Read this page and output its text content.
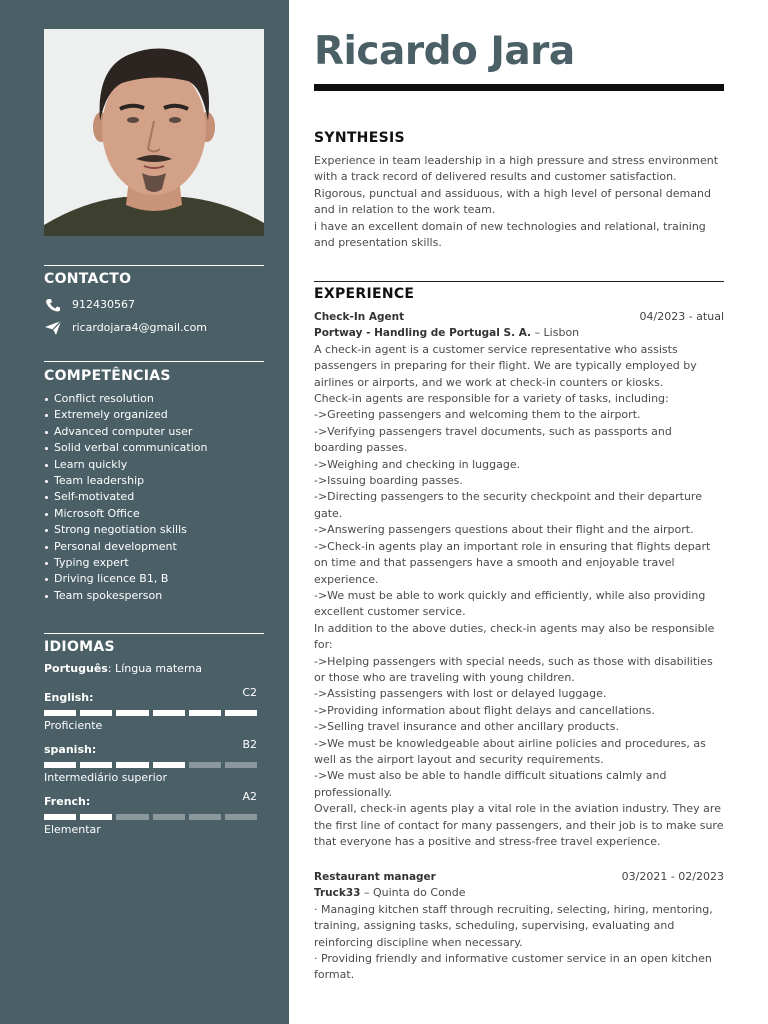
CONTACTO
912430567
ricardojara4@gmail.com
COMPETÊNCIAS
Conflict resolution
Extremely organized
Advanced computer user
Solid verbal communication
Learn quickly
Team leadership
Self-motivated
Microsoft Office
Strong negotiation skills
Personal development
Typing expert
Driving licence B1, B
Team spokesperson
IDIOMAS
Português: Língua materna
English:	C2
Proficiente
spanish:	B2
Intermediário superior
French:	A2
Elementar
Ricardo Jara
SYNTHESIS
Experience in team leadership in a high pressure and stress environment
with a track record of delivered results and customer satisfaction.
Rigorous, punctual and assiduous, with a high level of personal demand
and in relation to the work team.
i have an excellent domain of new technologies and relational, training
and presentation skills.
EXPERIENCE
Check-In Agent	04/2023 - atual
Portway - Handling de Portugal S. A. – Lisbon
A check-in agent is a customer service representative who assists
passengers in preparing for their flight. We are typically employed by
airlines or airports, and we work at check-in counters or kiosks.
Check-in agents are responsible for a variety of tasks, including:
->Greeting passengers and welcoming them to the airport.
->Verifying passengers travel documents, such as passports and
boarding passes.
->Weighing and checking in luggage.
->Issuing boarding passes.
->Directing passengers to the security checkpoint and their departure
gate.
->Answering passengers questions about their flight and the airport.
->Check-in agents play an important role in ensuring that flights depart
on time and that passengers have a smooth and enjoyable travel
experience.
->We must be able to work quickly and efficiently, while also providing
excellent customer service.
In addition to the above duties, check-in agents may also be responsible
for:
->Helping passengers with special needs, such as those with disabilities
or those who are traveling with young children.
->Assisting passengers with lost or delayed luggage.
->Providing information about flight delays and cancellations.
->Selling travel insurance and other ancillary products.
->We must be knowledgeable about airline policies and procedures, as
well as the airport layout and security requirements.
->We must also be able to handle difficult situations calmly and
professionally.
Overall, check-in agents play a vital role in the aviation industry. They are
the first line of contact for many passengers, and their job is to make sure
that everyone has a positive and stress-free travel experience.
Restaurant manager	03/2021 - 02/2023
Truck33 – Quinta do Conde
· Managing kitchen staff through recruiting, selecting, hiring, mentoring,
training, assigning tasks, scheduling, supervising, evaluating and
reinforcing discipline when necessary.
· Providing friendly and informative customer service in an open kitchen
format.
